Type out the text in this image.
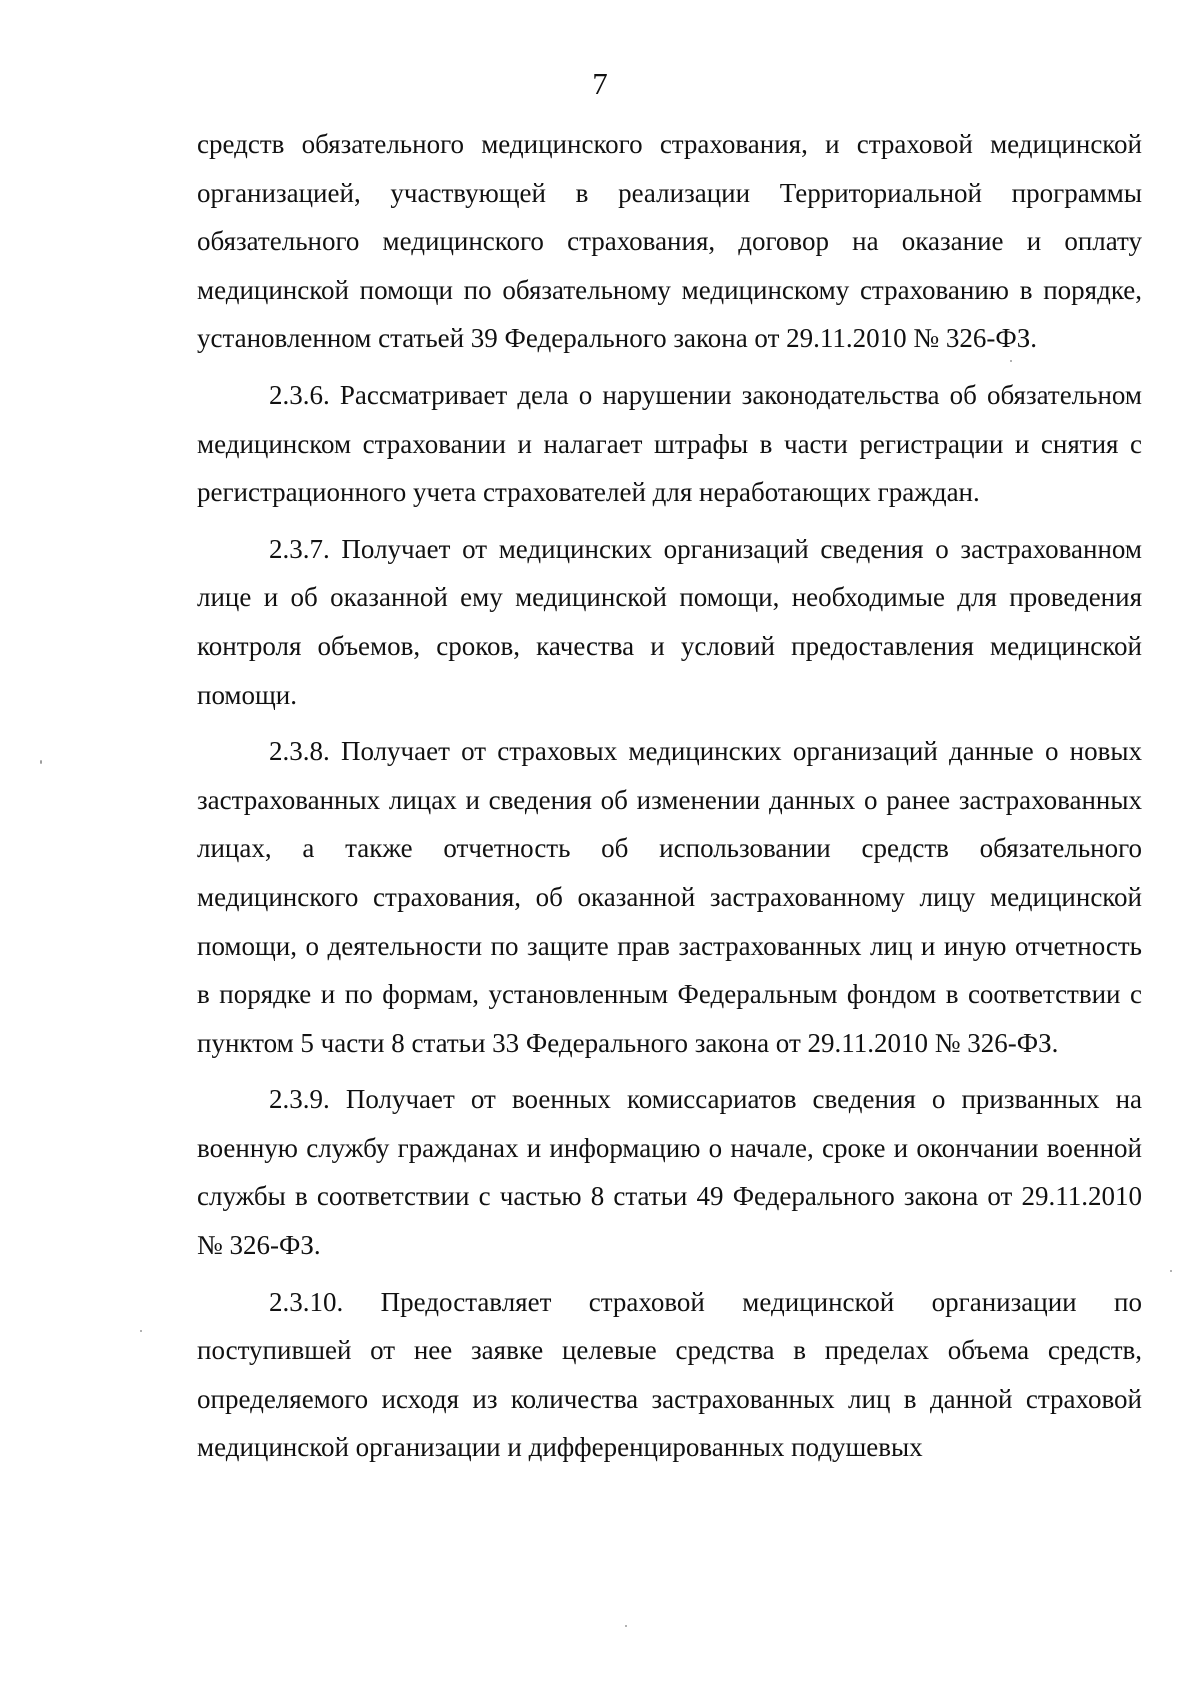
7

средств обязательного медицинского страхования, и страховой медицинской организацией, участвующей в реализации Территориальной программы обязательного медицинского страхования, договор на оказание и оплату медицинской помощи по обязательному медицинскому страхованию в порядке, установленном статьей 39 Федерального закона от 29.11.2010 № 326-ФЗ.

2.3.6. Рассматривает дела о нарушении законодательства об обязательном медицинском страховании и налагает штрафы в части регистрации и снятия с регистрационного учета страхователей для неработающих граждан.

2.3.7. Получает от медицинских организаций сведения о застрахованном лице и об оказанной ему медицинской помощи, необходимые для проведения контроля объемов, сроков, качества и условий предоставления медицинской помощи.

2.3.8. Получает от страховых медицинских организаций данные о новых застрахованных лицах и сведения об изменении данных о ранее застрахованных лицах, а также отчетность об использовании средств обязательного медицинского страхования, об оказанной застрахованному лицу медицинской помощи, о деятельности по защите прав застрахованных лиц и иную отчетность в порядке и по формам, установленным Федеральным фондом в соответствии с пунктом 5 части 8 статьи 33 Федерального закона от 29.11.2010 № 326-ФЗ.

2.3.9. Получает от военных комиссариатов сведения о призванных на военную службу гражданах и информацию о начале, сроке и окончании военной службы в соответствии с частью 8 статьи 49 Федерального закона от 29.11.2010 № 326-ФЗ.

2.3.10. Предоставляет страховой медицинской организации по поступившей от нее заявке целевые средства в пределах объема средств, определяемого исходя из количества застрахованных лиц в данной страховой медицинской организации и дифференцированных подушевых
